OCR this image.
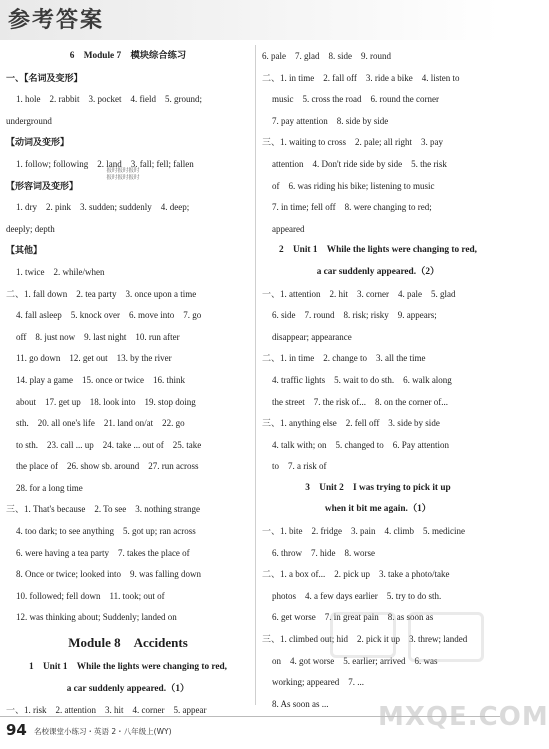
参考答案
6　Module 7　模块综合练习
一、【名词及变形】
1. hole　2. rabbit　3. pocket　4. field　5. ground;
underground
【动词及变形】
1. follow; following　2. land　3. fall; fell; fallen
【形容词及变形】
1. dry　2. pink　3. sudden; suddenly　4. deep;
deeply; depth
【其他】
1. twice　2. while/when
二、1. fall down　2. tea party　3. once upon a time
4. fall asleep　5. knock over　6. move into　7. go
off　8. just now　9. last night　10. run after
11. go down　12. get out　13. by the river
14. play a game　15. once or twice　16. think
about　17. get up　18. look into　19. stop doing
sth.　20. all one's life　21. land on/at　22. go
to sth.　23. call ... up　24. take ... out of　25. take
the place of　26. show sb. around　27. run across
28. for a long time
三、1. That's because　2. To see　3. nothing strange
4. too dark; to see anything　5. got up; ran across
6. were having a tea party　7. takes the place of
8. Once or twice; looked into　9. was falling down
10. followed; fell down　11. took; out of
12. was thinking about; Suddenly; landed on
Module 8　Accidents
1　Unit 1　While the lights were changing to red,
a car suddenly appeared.（1）
一、1. risk　2. attention　3. hit　4. corner　5. appear
6. pale　7. glad　8. side　9. round
二、1. in time　2. fall off　3. ride a bike　4. listen to
music　5. cross the road　6. round the corner
7. pay attention　8. side by side
三、1. waiting to cross　2. pale; all right　3. pay
attention　4. Don't ride side by side　5. the risk
of　6. was riding his bike; listening to music
7. in time; fell off　8. were changing to red;
appeared
2　Unit 1　While the lights were changing to red,
a car suddenly appeared.（2）
一、1. attention　2. hit　3. corner　4. pale　5. glad
6. side　7. round　8. risk; risky　9. appears;
disappear; appearance
二、1. in time　2. change to　3. all the time
4. traffic lights　5. wait to do sth.　6. walk along
the street　7. the risk of...　8. on the corner of...
三、1. anything else　2. fell off　3. side by side
4. talk with; on　5. changed to　6. Pay attention
to　7. a risk of
3　Unit 2　I was trying to pick it up
when it bit me again.（1）
一、1. bite　2. fridge　3. pain　4. climb　5. medicine
6. throw　7. hide　8. worse
二、1. a box of...　2. pick up　3. take a photo/take
photos　4. a few days earlier　5. try to do sth.
6. get worse　7. in great pain　8. as soon as
三、1. climbed out; hid　2. pick it up　3. threw; landed
on　4. got worse　5. earlier; arrived　6. was
working; appeared　7. ...
8. As soon as ...
报时报时报时
报时报时报时
MXQE.COM
94 名校课堂小练习・英语 2・八年级上(WY)
